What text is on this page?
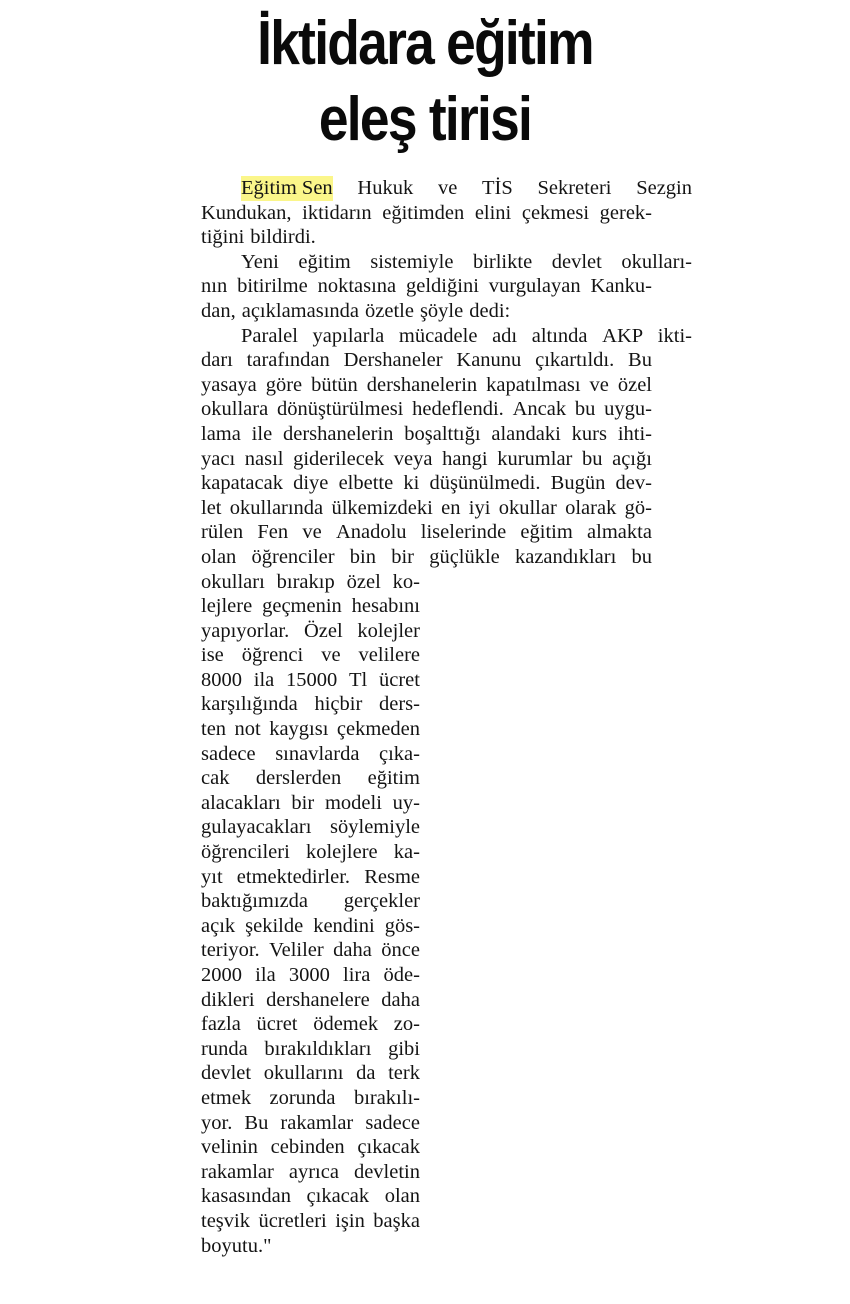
İktidara eğitim
eleş tirisi
Eğitim Sen Hukuk ve TİS Sekreteri Sezgin
Kundukan, iktidarın eğitimden elini çekmesi gerek-
tiğini bildirdi.
Yeni eğitim sistemiyle birlikte devlet okulları-
nın bitirilme noktasına geldiğini vurgulayan Kanku-
dan, açıklamasında özetle şöyle dedi:
Paralel yapılarla mücadele adı altında AKP ikti-
darı tarafından Dershaneler Kanunu çıkartıldı. Bu
yasaya göre bütün dershanelerin kapatılması ve özel
okullara dönüştürülmesi hedeflendi. Ancak bu uygu-
lama ile dershanelerin boşalttığı alandaki kurs ihti-
yacı nasıl giderilecek veya hangi kurumlar bu açığı
kapatacak diye elbette ki düşünülmedi. Bugün dev-
let okullarında ülkemizdeki en iyi okullar olarak gö-
rülen Fen ve Anadolu liselerinde eğitim almakta
olan öğrenciler bin bir güçlükle kazandıkları bu
okulları bırakıp özel ko-
lejlere geçmenin hesabını
yapıyorlar. Özel kolejler
ise öğrenci ve velilere
8000 ila 15000 Tl ücret
karşılığında hiçbir ders-
ten not kaygısı çekmeden
sadece sınavlarda çıka-
cak derslerden eğitim
alacakları bir modeli uy-
gulayacakları söylemiyle
öğrencileri kolejlere ka-
yıt etmektedirler. Resme
baktığımızda gerçekler
açık şekilde kendini gös-
teriyor. Veliler daha önce
2000 ila 3000 lira öde-
dikleri dershanelere daha
fazla ücret ödemek zo-
runda bırakıldıkları gibi
devlet okullarını da terk
etmek zorunda bırakılı-
yor. Bu rakamlar sadece
velinin cebinden çıkacak
rakamlar ayrıca devletin
kasasından çıkacak olan
teşvik ücretleri işin başka
boyutu."
